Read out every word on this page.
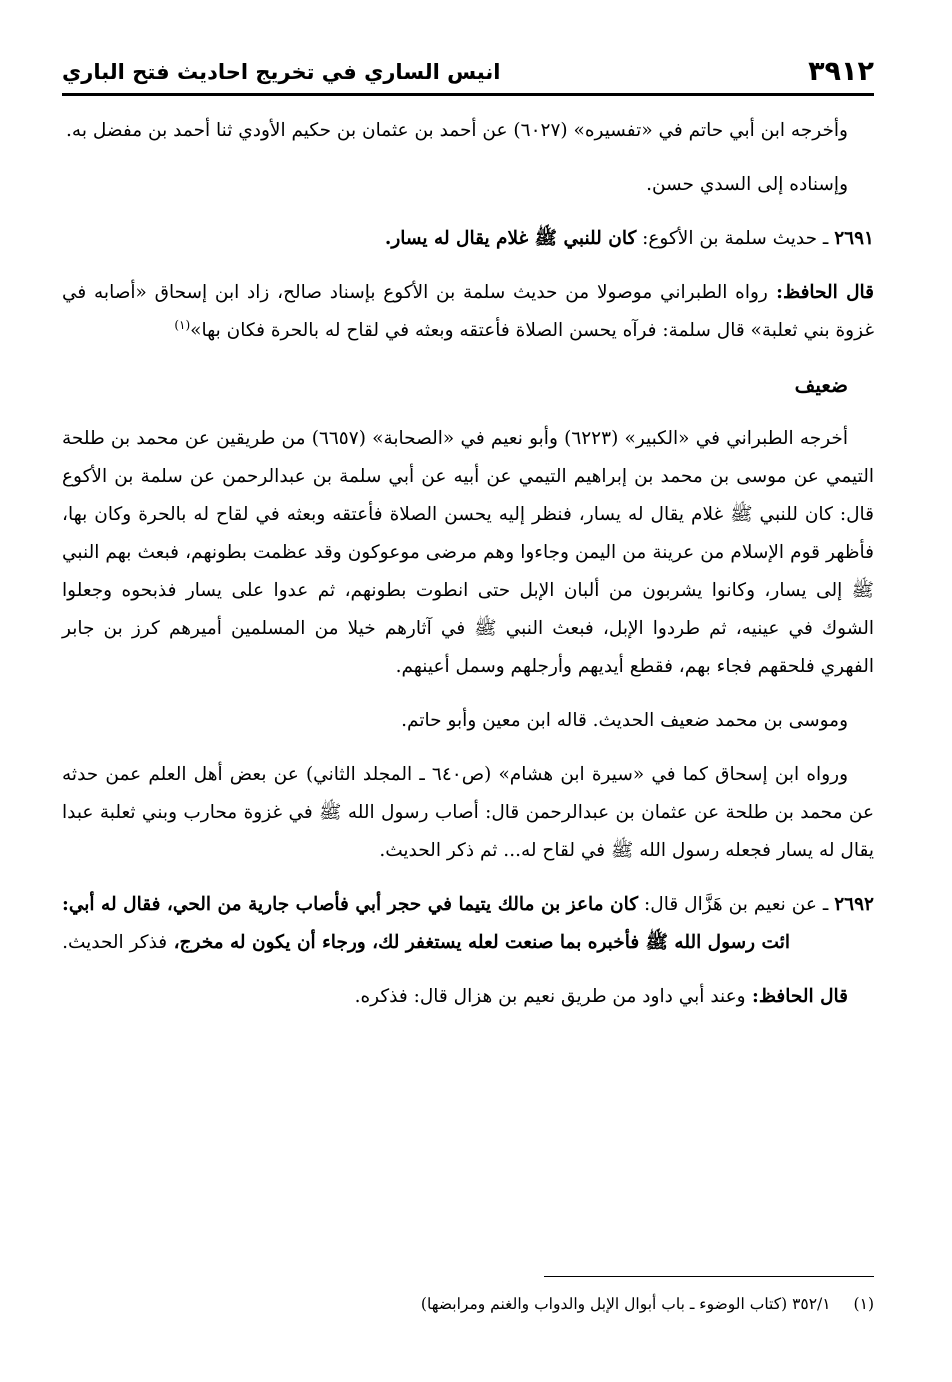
٣٩١٢
انيس الساري في تخريج احاديث فتح الباري

وأخرجه ابن أبي حاتم في «تفسيره» (٦٠٢٧) عن أحمد بن عثمان بن حكيم الأودي ثنا أحمد بن مفضل به.

وإسناده إلى السدي حسن.

٢٦٩١ ـ حديث سلمة بن الأكوع: كان للنبي ﷺ غلام يقال له يسار.

قال الحافظ: رواه الطبراني موصولا من حديث سلمة بن الأكوع بإسناد صالح، زاد ابن إسحاق «أصابه في غزوة بني ثعلبة» قال سلمة: فرآه يحسن الصلاة فأعتقه وبعثه في لقاح له بالحرة فكان بها»$^{(١)}$

ضعيف

أخرجه الطبراني في «الكبير» (٦٢٢٣) وأبو نعيم في «الصحابة» (٦٦٥٧) من طريقين عن محمد بن طلحة التيمي عن موسى بن محمد بن إبراهيم التيمي عن أبيه عن أبي سلمة بن عبدالرحمن عن سلمة بن الأكوع قال: كان للنبي ﷺ غلام يقال له يسار، فنظر إليه يحسن الصلاة فأعتقه وبعثه في لقاح له بالحرة وكان بها، فأظهر قوم الإسلام من عرينة من اليمن وجاءوا وهم مرضى موعوكون وقد عظمت بطونهم، فبعث بهم النبي ﷺ إلى يسار، وكانوا يشربون من ألبان الإبل حتى انطوت بطونهم، ثم عدوا على يسار فذبحوه وجعلوا الشوك في عينيه، ثم طردوا الإبل، فبعث النبي ﷺ في آثارهم خيلا من المسلمين أميرهم كرز بن جابر الفهري فلحقهم فجاء بهم، فقطع أيديهم وأرجلهم وسمل أعينهم.

وموسى بن محمد ضعيف الحديث. قاله ابن معين وأبو حاتم.

ورواه ابن إسحاق كما في «سيرة ابن هشام» (ص٦٤٠ ـ المجلد الثاني) عن بعض أهل العلم عمن حدثه عن محمد بن طلحة عن عثمان بن عبدالرحمن قال: أصاب رسول الله ﷺ في غزوة محارب وبني ثعلبة عبدا يقال له يسار فجعله رسول الله ﷺ في لقاح له... ثم ذكر الحديث.

٢٦٩٢ ـ عن نعيم بن هَزَّال قال: كان ماعز بن مالك يتيما في حجر أبي فأصاب جارية من الحي، فقال له أبي: ائت رسول الله ﷺ فأخبره بما صنعت لعله يستغفر لك، ورجاء أن يكون له مخرج، فذكر الحديث.

قال الحافظ: وعند أبي داود من طريق نعيم بن هزال قال: فذكره.

(١) ٣٥٢/١ (كتاب الوضوء ـ باب أبوال الإبل والدواب والغنم ومرابضها)
